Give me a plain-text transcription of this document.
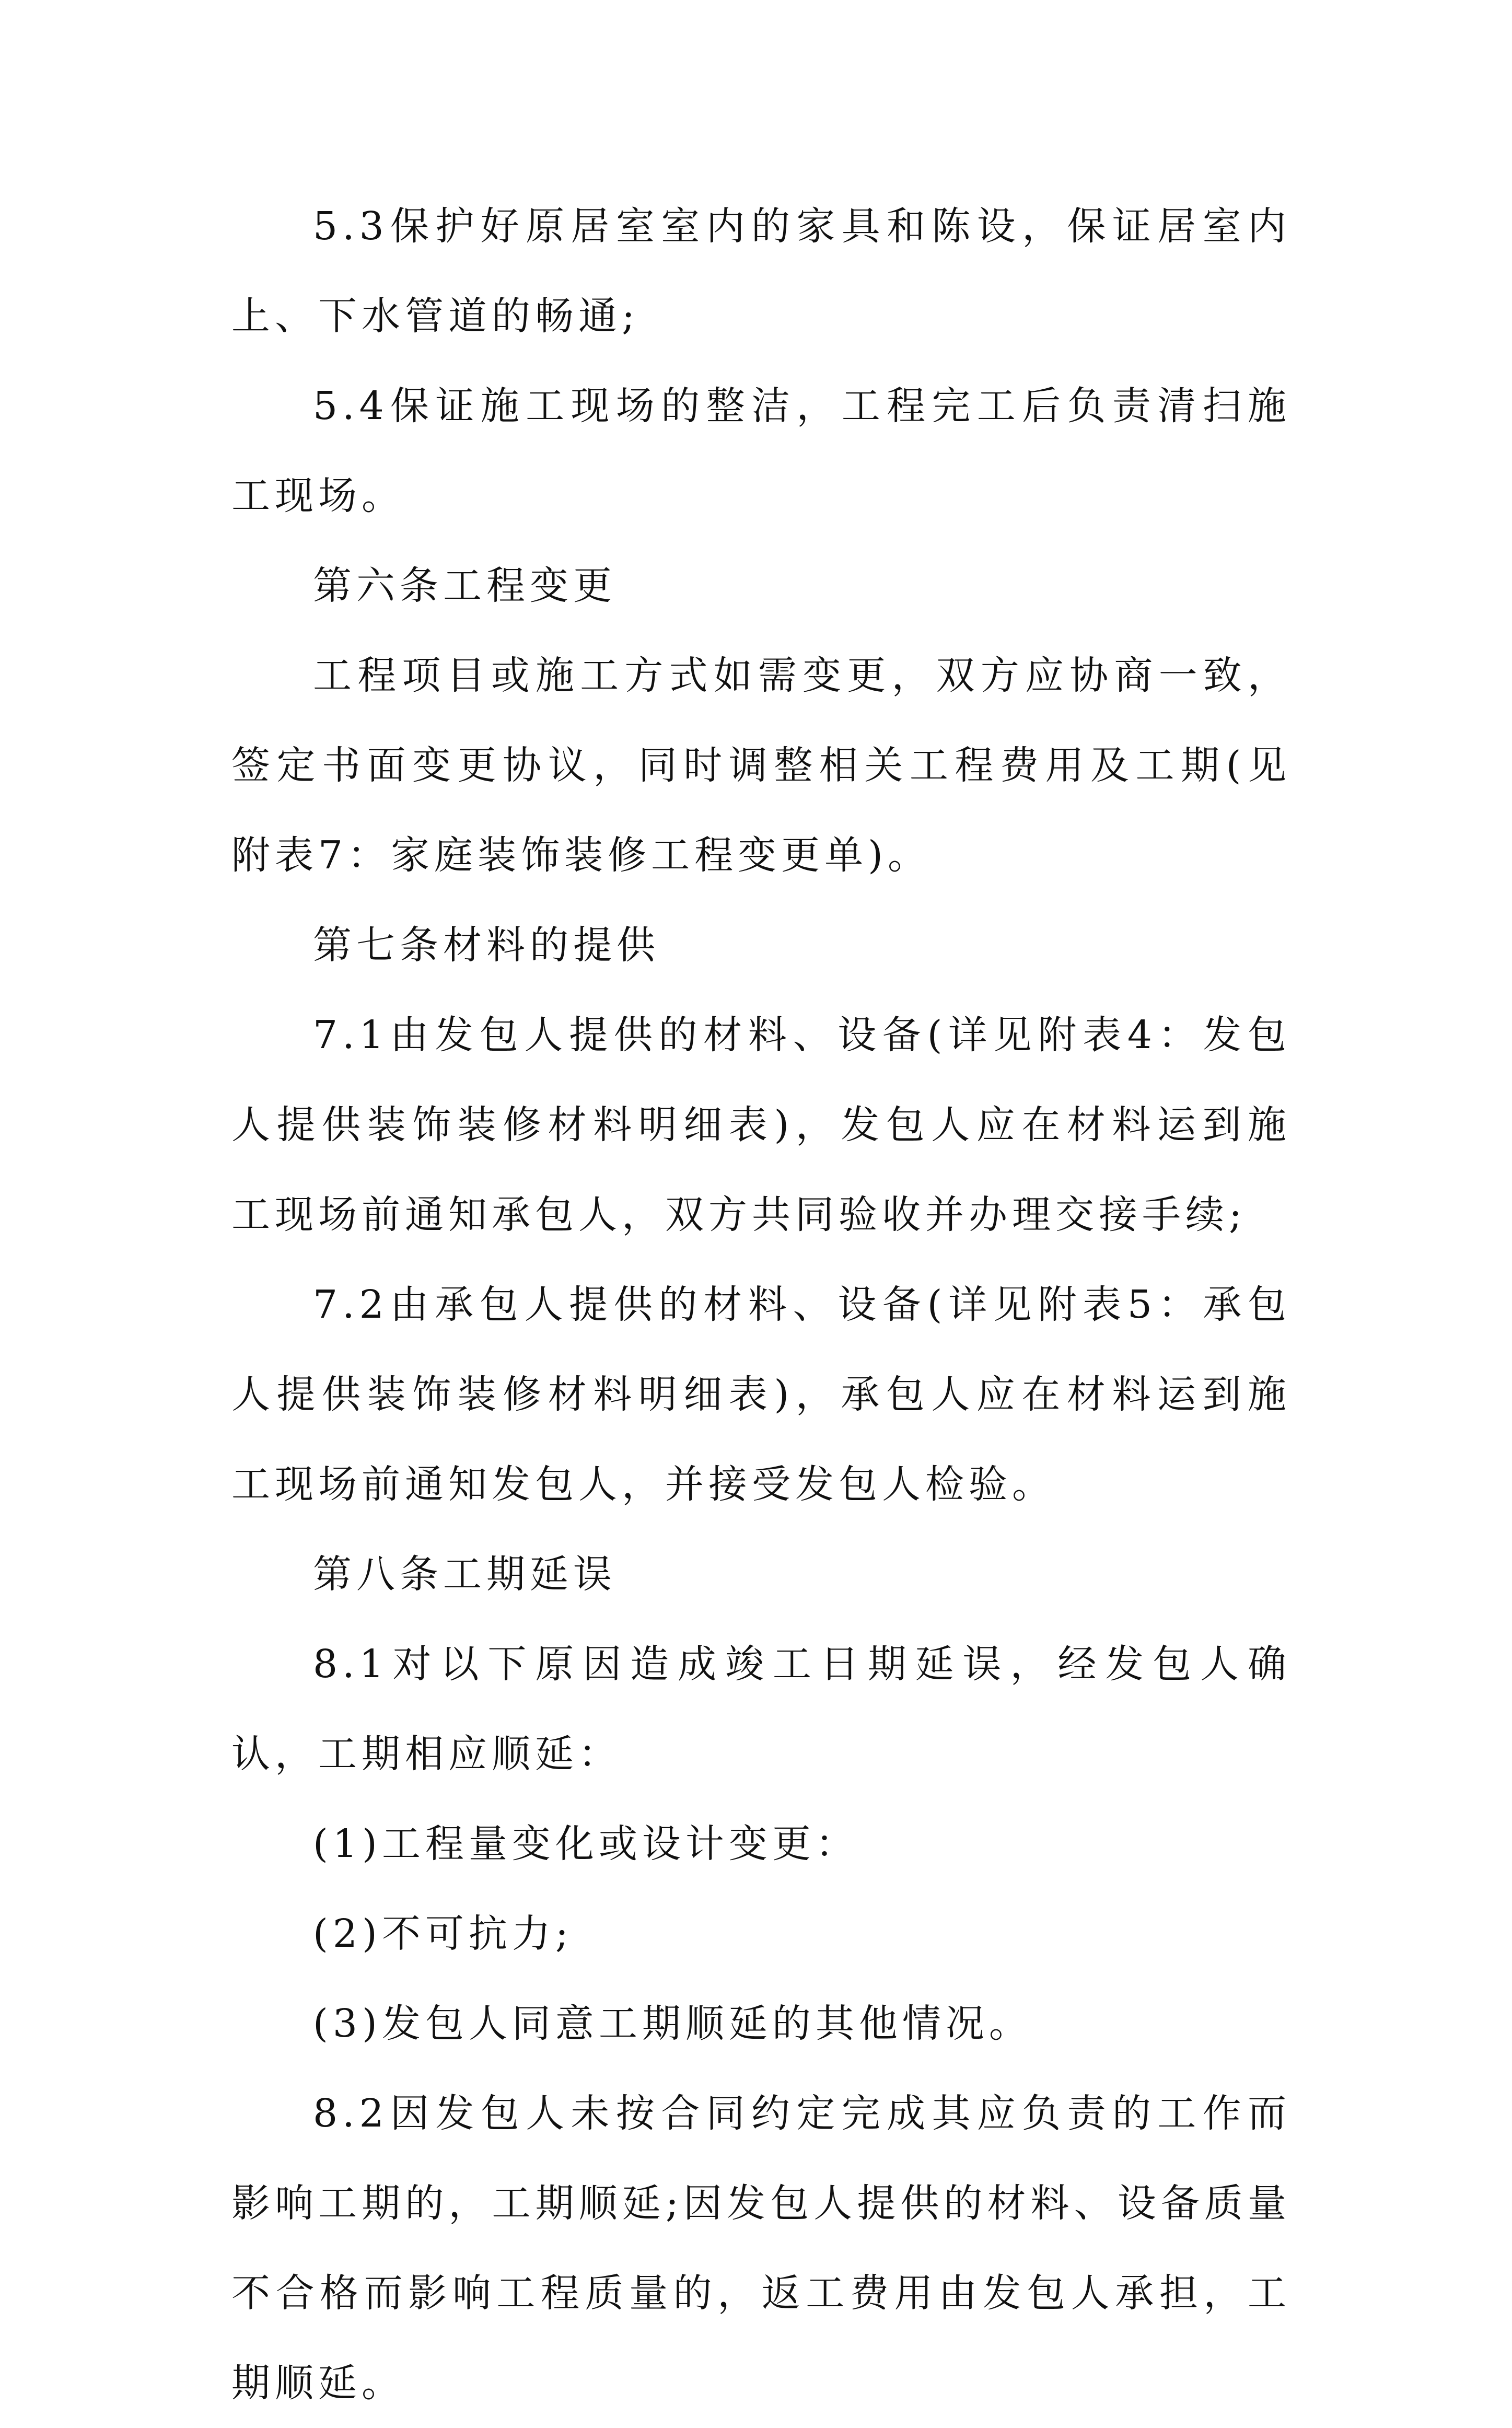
5.3保护好原居室室内的家具和陈设，保证居室内上、下水管道的畅通;

5.4保证施工现场的整洁，工程完工后负责清扫施工现场。

第六条工程变更

工程项目或施工方式如需变更，双方应协商一致，签定书面变更协议，同时调整相关工程费用及工期(见附表7：家庭装饰装修工程变更单)。

第七条材料的提供

7.1由发包人提供的材料、设备(详见附表4：发包人提供装饰装修材料明细表)，发包人应在材料运到施工现场前通知承包人，双方共同验收并办理交接手续;

7.2由承包人提供的材料、设备(详见附表5：承包人提供装饰装修材料明细表)，承包人应在材料运到施工现场前通知发包人，并接受发包人检验。

第八条工期延误

8.1对以下原因造成竣工日期延误，经发包人确认，工期相应顺延：

(1)工程量变化或设计变更：

(2)不可抗力;

(3)发包人同意工期顺延的其他情况。

8.2因发包人未按合同约定完成其应负责的工作而影响工期的，工期顺延;因发包人提供的材料、设备质量不合格而影响工程质量的，返工费用由发包人承担，工期顺延。
